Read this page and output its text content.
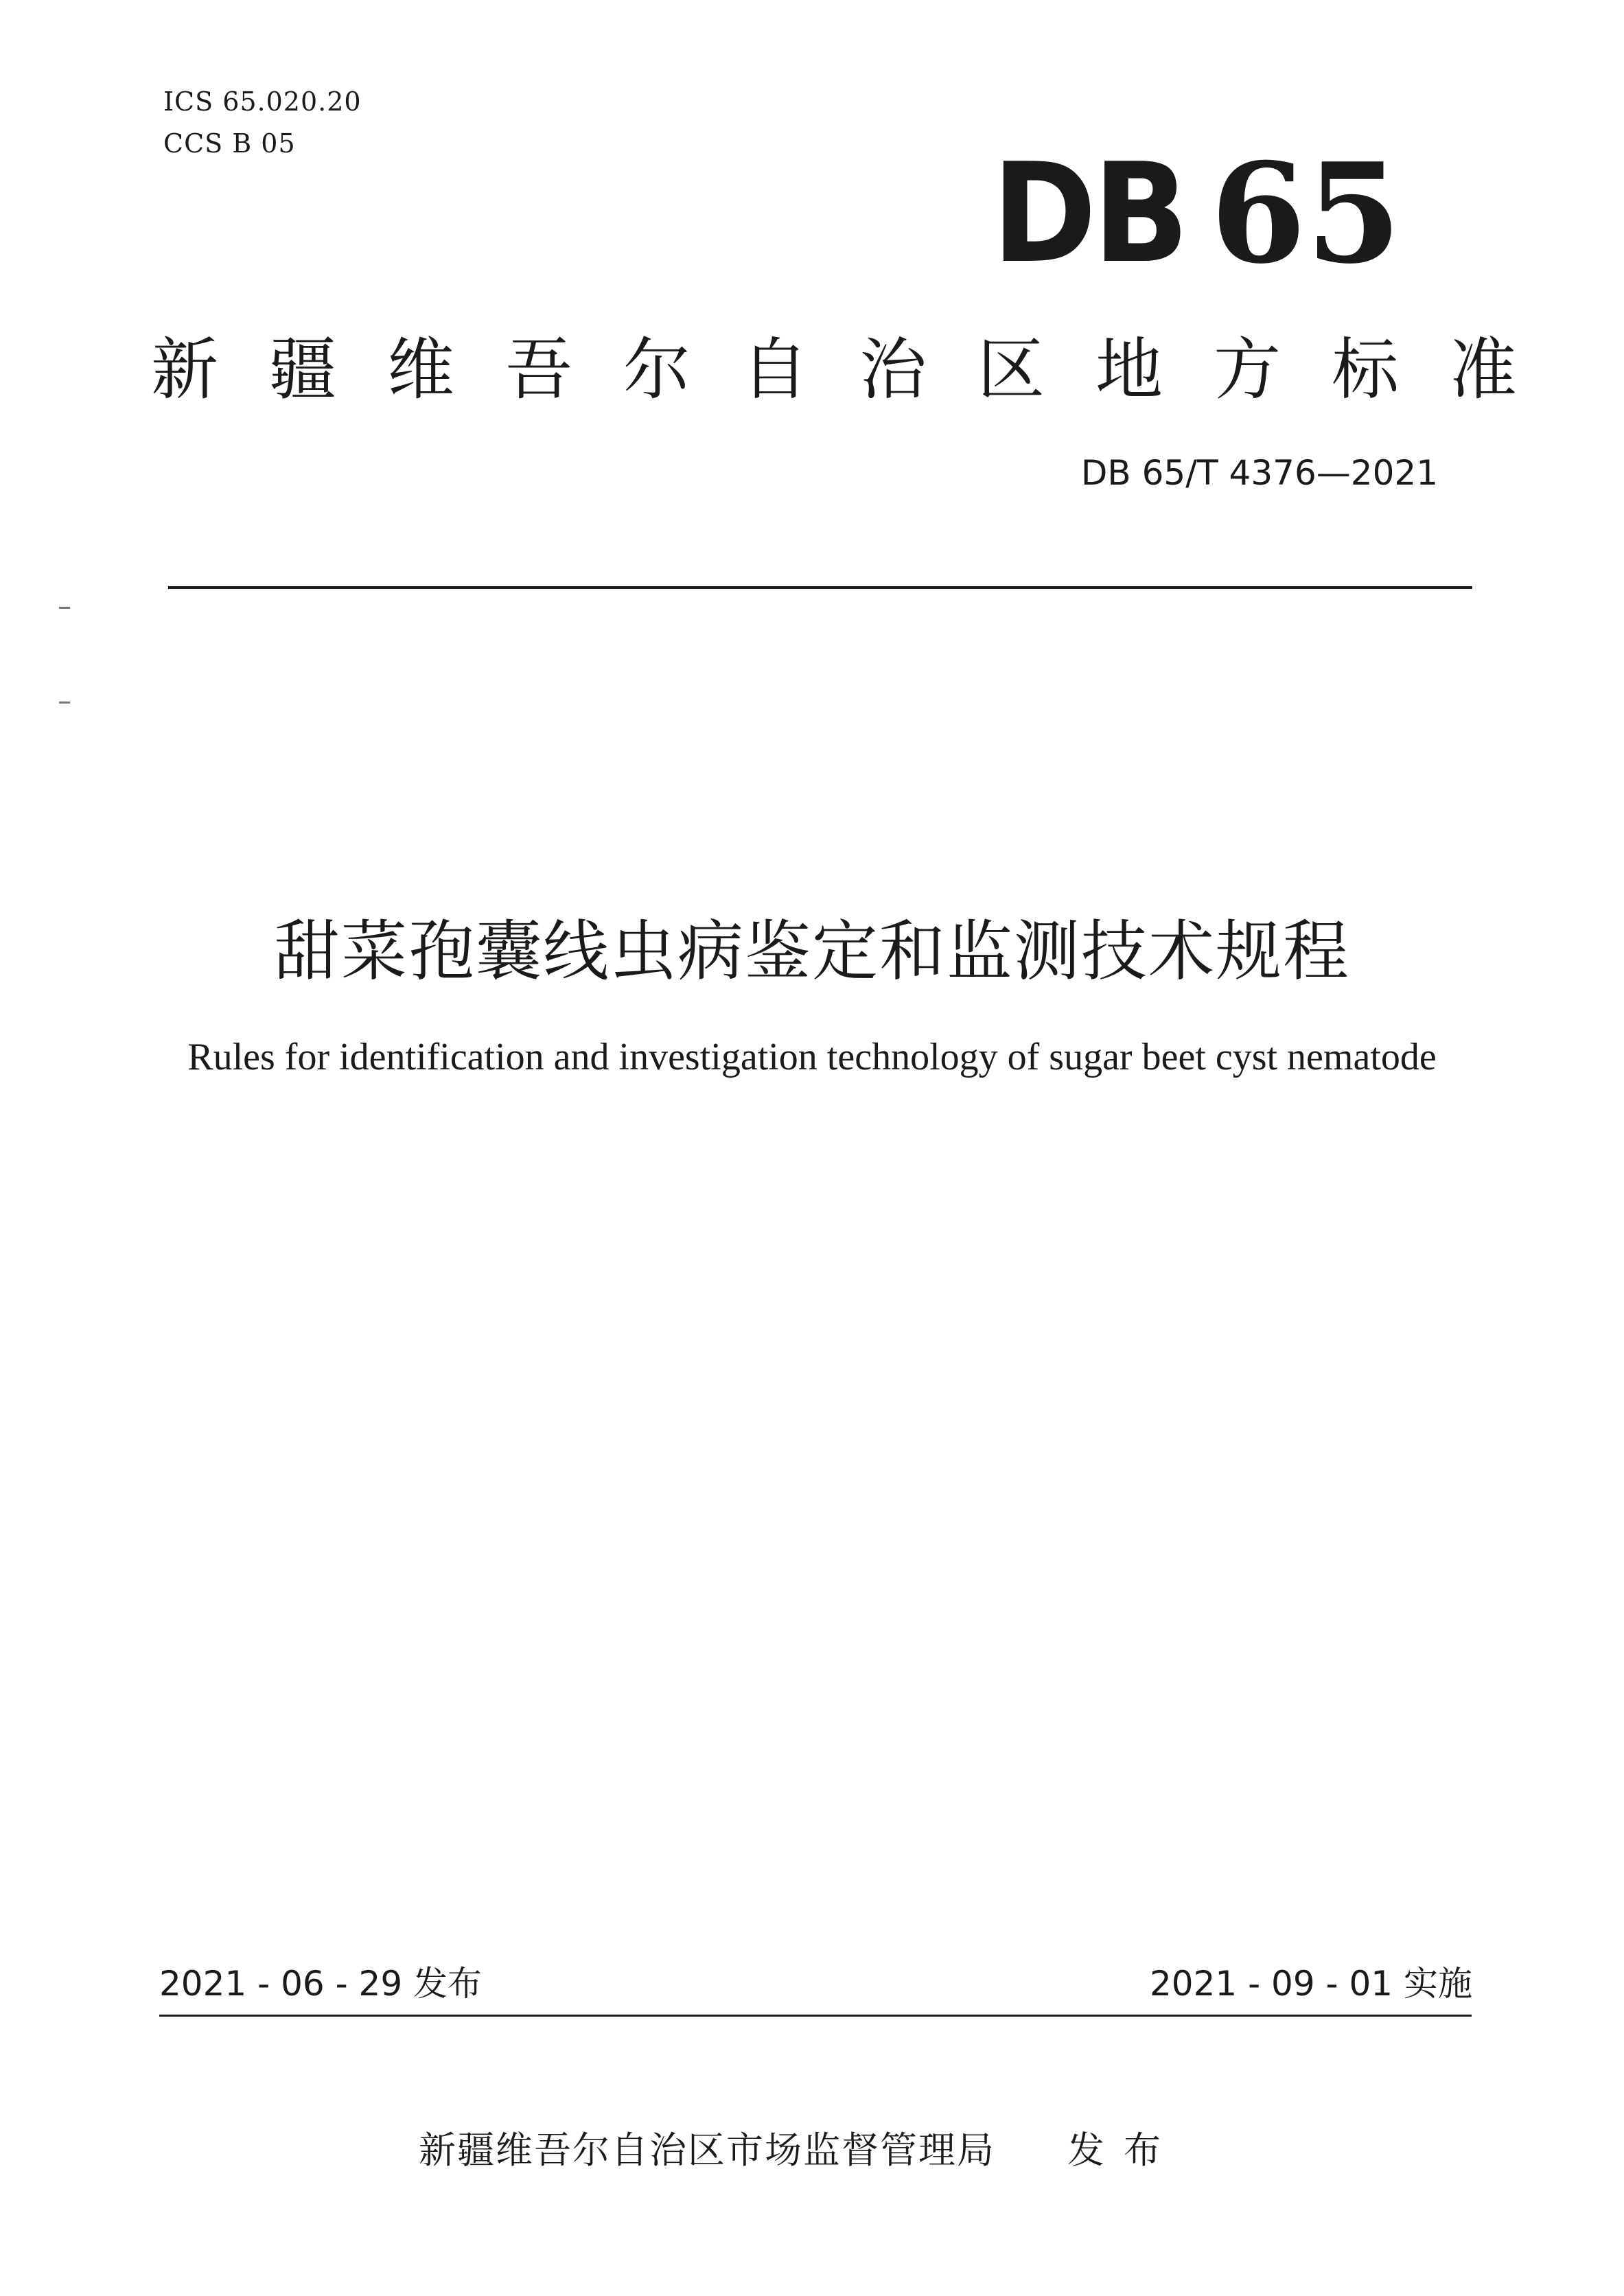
ICS 65.020.20
CCS B 05	DB 65
新疆维吾尔自治区地方标准
DB 65/T 4376—2021
甜菜孢囊线虫病鉴定和监测技术规程
Rules for identification and investigation technology of sugar beet cyst nematode
2021 - 06 - 29 发布	2021 - 09 - 01 实施
新疆维吾尔自治区市场监督管理局 发布
